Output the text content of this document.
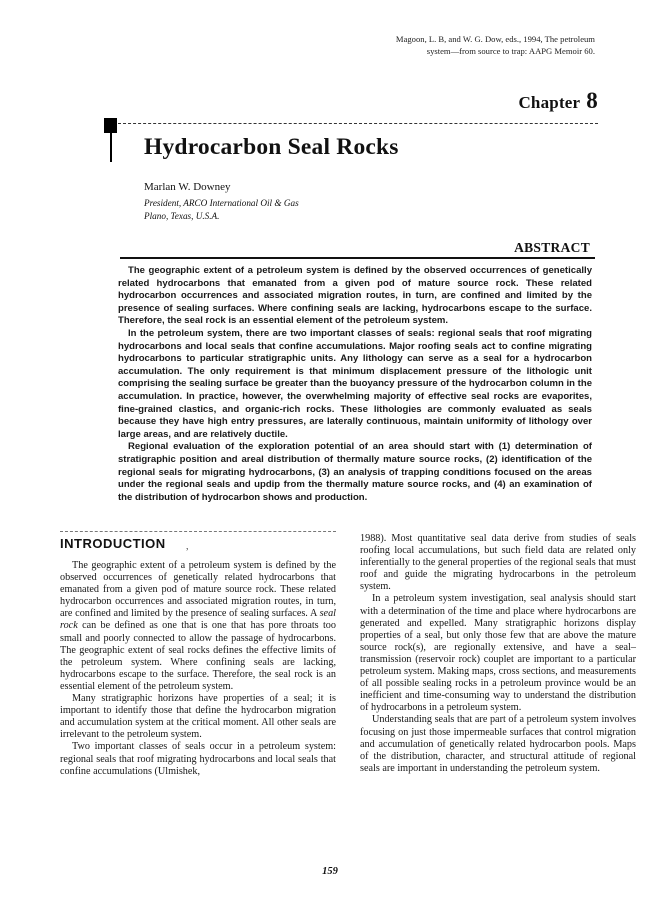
Magoon, L. B, and W. G. Dow, eds., 1994, The petroleum
system—from source to trap: AAPG Memoir 60.
Chapter 8
Hydrocarbon Seal Rocks
Marlan W. Downey
President, ARCO International Oil & Gas
Plano, Texas, U.S.A.
ABSTRACT

The geographic extent of a petroleum system is defined by the observed occurrences of genetically related hydrocarbons that emanated from a given pod of mature source rock. These related hydrocarbon occurrences and associated migration routes, in turn, are confined and limited by the presence of sealing surfaces. Where confining seals are lacking, hydrocarbons escape to the surface. Therefore, the seal rock is an essential element of the petroleum system.

In the petroleum system, there are two important classes of seals: regional seals that roof migrating hydrocarbons and local seals that confine accumulations. Major roofing seals act to confine migrating hydrocarbons to particular stratigraphic units. Any lithology can serve as a seal for a hydrocarbon accumulation. The only requirement is that minimum displacement pressure of the lithologic unit comprising the sealing surface be greater than the buoyancy pressure of the hydrocarbon column in the accumulation. In practice, however, the overwhelming majority of effective seal rocks are evaporites, fine-grained clastics, and organic-rich rocks. These lithologies are commonly evaluated as seals because they have high entry pressures, are laterally continuous, maintain uniformity of lithology over large areas, and are relatively ductile.

Regional evaluation of the exploration potential of an area should start with (1) determination of stratigraphic position and areal distribution of thermally mature source rocks, (2) identification of the regional seals for migrating hydrocarbons, (3) an analysis of trapping conditions focused on the areas under the regional seals and updip from the thermally mature source rocks, and (4) an examination of the distribution of hydrocarbon shows and production.

INTRODUCTION ,

The geographic extent of a petroleum system is defined by the observed occurrences of genetically related hydrocarbons that emanated from a given pod of mature source rock. These related hydrocarbon occurrences and associated migration routes, in turn, are confined and limited by the presence of sealing surfaces. A seal rock can be defined as one that is one that has pore throats too small and poorly connected to allow the passage of hydrocarbons. The geographic extent of seal rocks defines the effective limits of the petroleum system. Where confining seals are lacking, hydrocarbons escape to the surface. Therefore, the seal rock is an essential element of the petroleum system.

Many stratigraphic horizons have properties of a seal; it is important to identify those that define the hydrocarbon migration and accumulation system at the critical moment. All other seals are irrelevant to the petroleum system.

Two important classes of seals occur in a petroleum system: regional seals that roof migrating hydrocarbons and local seals that confine accumulations (Ulmishek,

1988). Most quantitative seal data derive from studies of seals roofing local accumulations, but such field data are related only inferentially to the general properties of the regional seals that must roof and guide the migrating hydrocarbons in the petroleum system.

In a petroleum system investigation, seal analysis should start with a determination of the time and place where hydrocarbons are generated and expelled. Many stratigraphic horizons display properties of a seal, but only those few that are above the mature source rock(s), are regionally extensive, and have a seal–transmission (reservoir rock) couplet are important to a particular petroleum system. Making maps, cross sections, and measurements of all possible sealing rocks in a petroleum province would be an inefficient and time-consuming way to understand the distribution of hydrocarbons in a petroleum system.

Understanding seals that are part of a petroleum system involves focusing on just those impermeable surfaces that control migration and accumulation of genetically related hydrocarbon pools. Maps of the distribution, character, and structural attitude of regional seals are important in understanding the petroleum system.

159
